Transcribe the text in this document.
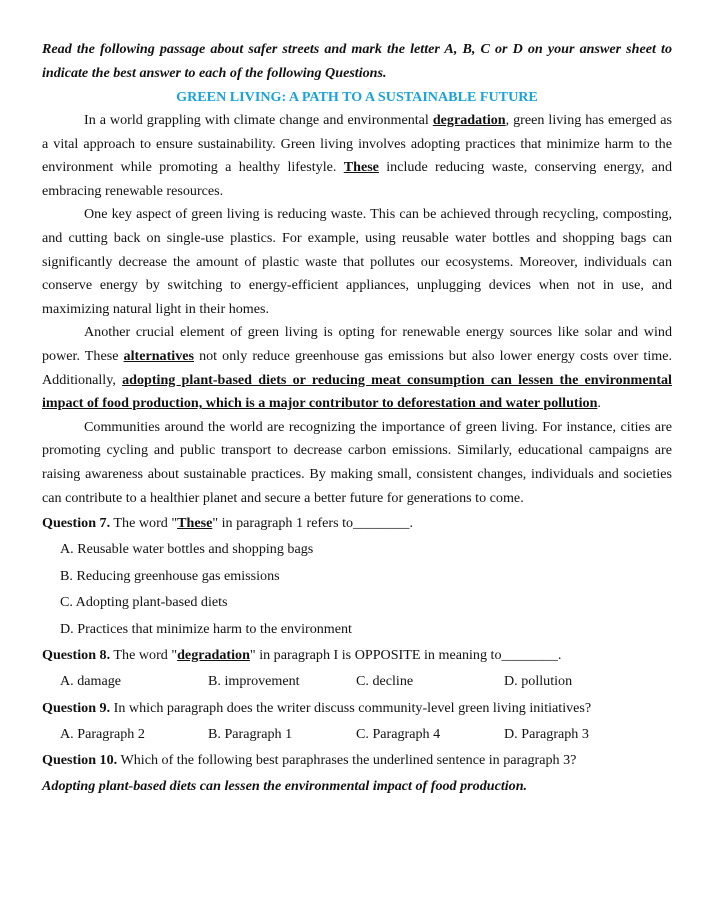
Read the following passage about safer streets and mark the letter A, B, C or D on your answer sheet to indicate the best answer to each of the following Questions.

GREEN LIVING: A PATH TO A SUSTAINABLE FUTURE

In a world grappling with climate change and environmental degradation, green living has emerged as a vital approach to ensure sustainability. Green living involves adopting practices that minimize harm to the environment while promoting a healthy lifestyle. These include reducing waste, conserving energy, and embracing renewable resources.

One key aspect of green living is reducing waste. This can be achieved through recycling, composting, and cutting back on single-use plastics. For example, using reusable water bottles and shopping bags can significantly decrease the amount of plastic waste that pollutes our ecosystems. Moreover, individuals can conserve energy by switching to energy-efficient appliances, unplugging devices when not in use, and maximizing natural light in their homes.

Another crucial element of green living is opting for renewable energy sources like solar and wind power. These alternatives not only reduce greenhouse gas emissions but also lower energy costs over time. Additionally, adopting plant-based diets or reducing meat consumption can lessen the environmental impact of food production, which is a major contributor to deforestation and water pollution.

Communities around the world are recognizing the importance of green living. For instance, cities are promoting cycling and public transport to decrease carbon emissions. Similarly, educational campaigns are raising awareness about sustainable practices. By making small, consistent changes, individuals and societies can contribute to a healthier planet and secure a better future for generations to come.

Question 7. The word "These" in paragraph 1 refers to________.

A. Reusable water bottles and shopping bags

B. Reducing greenhouse gas emissions

C. Adopting plant-based diets

D. Practices that minimize harm to the environment

Question 8. The word "degradation" in paragraph I is OPPOSITE in meaning to________.

A. damage	B. improvement	C. decline	D. pollution

Question 9. In which paragraph does the writer discuss community-level green living initiatives?

A. Paragraph 2	B. Paragraph 1	C. Paragraph 4	D. Paragraph 3

Question 10. Which of the following best paraphrases the underlined sentence in paragraph 3?

Adopting plant-based diets can lessen the environmental impact of food production.
